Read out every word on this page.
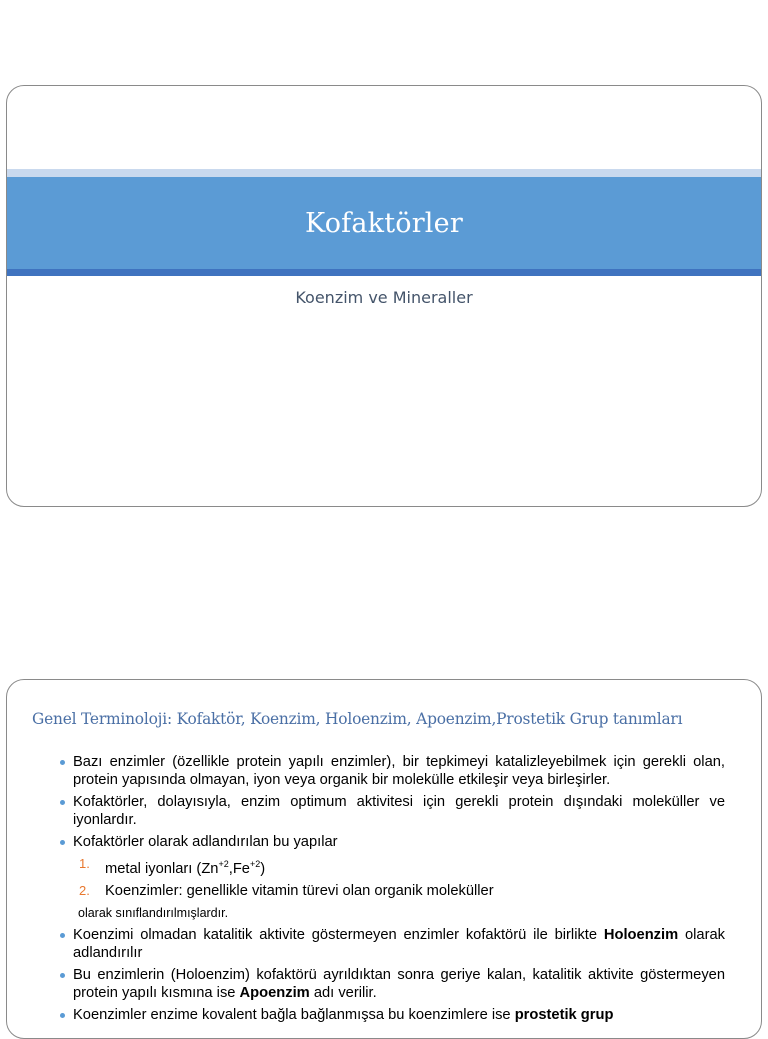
Kofaktörler
Koenzim ve Mineraller
Genel Terminoloji: Kofaktör, Koenzim, Holoenzim, Apoenzim,Prostetik Grup tanımları
Bazı enzimler (özellikle protein yapılı enzimler), bir tepkimeyi katalizleyebilmek için gerekli olan, protein yapısında olmayan, iyon veya organik bir molekülle etkileşir veya birleşirler.
Kofaktörler, dolayısıyla, enzim optimum aktivitesi için gerekli protein dışındaki moleküller ve iyonlardır.
Kofaktörler olarak adlandırılan bu yapılar
1. metal iyonları $(Zn^{+2},Fe^{+2})$
2. Koenzimler: genellikle vitamin türevi olan organik moleküller
olarak sınıflandırılmışlardır.
Koenzimi olmadan katalitik aktivite göstermeyen enzimler kofaktörü ile birlikte Holoenzim olarak adlandırılır
Bu enzimlerin (Holoenzim) kofaktörü ayrıldıktan sonra geriye kalan, katalitik aktivite göstermeyen protein yapılı kısmına ise Apoenzim adı verilir.
Koenzimler enzime kovalent bağla bağlanmışsa bu koenzimlere ise prostetik grup
